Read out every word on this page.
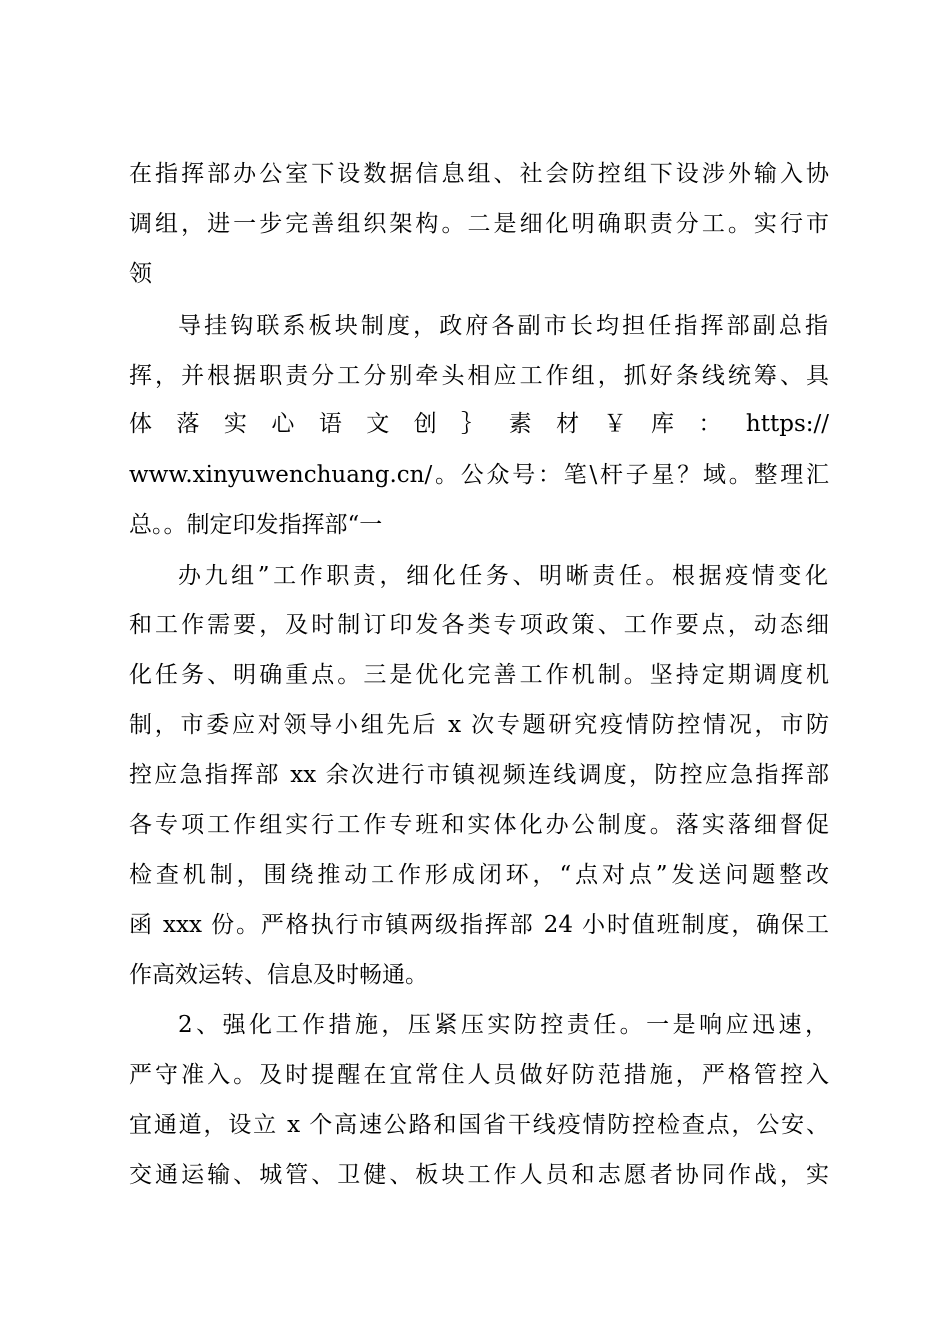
在指挥部办公室下设数据信息组、社会防控组下设涉外输入协
调组，进一步完善组织架构。二是细化明确职责分工。实行市
领
导挂钩联系板块制度，政府各副市长均担任指挥部副总指
挥，并根据职责分工分别牵头相应工作组，抓好条线统筹、具
体 落 实 心 语 文 创 ｝ 素 材 ￥ 库 ： https://
www.xinyuwenchuang.cn/。公众号：笔\杆子星？域。整理汇
总。。制定印发指挥部“一
办九组”工作职责，细化任务、明晰责任。根据疫情变化
和工作需要，及时制订印发各类专项政策、工作要点，动态细
化任务、明确重点。三是优化完善工作机制。坚持定期调度机
制，市委应对领导小组先后 x 次专题研究疫情防控情况，市防
控应急指挥部 xx 余次进行市镇视频连线调度，防控应急指挥部
各专项工作组实行工作专班和实体化办公制度。落实落细督促
检查机制，围绕推动工作形成闭环，“点对点”发送问题整改
函 xxx 份。严格执行市镇两级指挥部 24 小时值班制度，确保工
作高效运转、信息及时畅通。
2、强化工作措施，压紧压实防控责任。一是响应迅速，
严守准入。及时提醒在宜常住人员做好防范措施，严格管控入
宜通道，设立 x 个高速公路和国省干线疫情防控检查点，公安、
交通运输、城管、卫健、板块工作人员和志愿者协同作战，实
